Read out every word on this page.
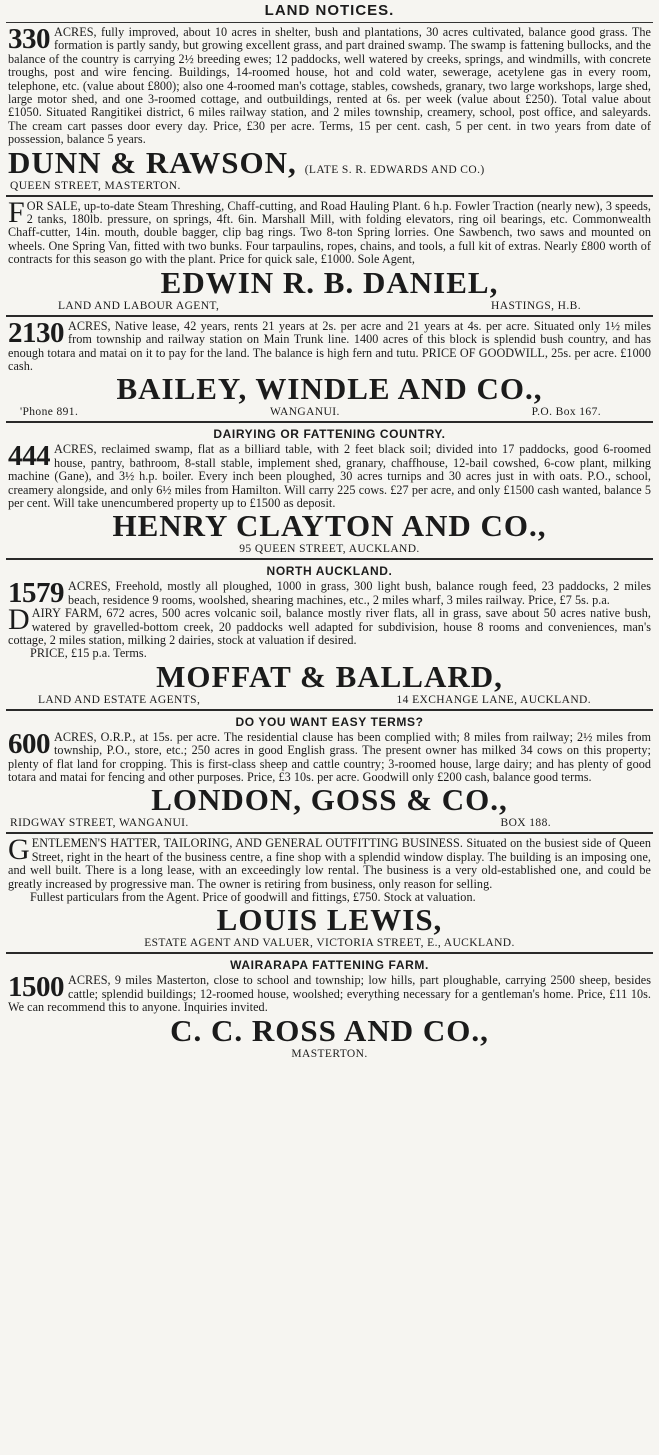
LAND NOTICES.
330 ACRES, fully improved, about 10 acres in shelter, bush and plantations, 30 acres cultivated, balance good grass. The formation is partly sandy, but growing excellent grass, and part drained swamp. The swamp is fattening bullocks, and the balance of the country is carrying 2½ breeding ewes; 12 paddocks, well watered by creeks, springs, and windmills, with concrete troughs, post and wire fencing. Buildings, 14-roomed house, hot and cold water, sewerage, acetylene gas in every room, telephone, etc. (value about £800); also one 4-roomed man's cottage, stables, cowsheds, granary, two large workshops, large shed, large motor shed, and one 3-roomed cottage, and outbuildings, rented at 6s. per week (value about £250). Total value about £1050. Situated Rangitikei district, 6 miles railway station, and 2 miles township, creamery, school, post office, and saleyards. The cream cart passes door every day. Price, £30 per acre. Terms, 15 per cent. cash, 5 per cent. in two years from date of possession, balance 5 years.
DUNN & RAWSON, (LATE S. R. EDWARDS AND CO.)
QUEEN STREET, MASTERTON.
F OR SALE, up-to-date Steam Threshing, Chaff-cutting, and Road Hauling Plant. 6 h.p. Fowler Traction (nearly new), 3 speeds, 2 tanks, 180lb. pressure, on springs, 4ft. 6in. Marshall Mill, with folding elevators, ring oil bearings, etc. Commonwealth Chaff-cutter, 14in. mouth, double bagger, clip bag rings. Two 8-ton Spring lorries. One Sawbench, two saws and mounted on wheels. One Spring Van, fitted with two bunks. Four tarpaulins, ropes, chains, and tools, a full kit of extras. Nearly £800 worth of contracts for this season go with the plant. Price for quick sale, £1000. Sole Agent,
EDWIN R. B. DANIEL,
LAND AND LABOUR AGENT,	HASTINGS, H.B.
2130 ACRES, Native lease, 42 years, rents 21 years at 2s. per acre and 21 years at 4s. per acre. Situated only 1½ miles from township and railway station on Main Trunk line. 1400 acres of this block is splendid bush country, and has enough totara and matai on it to pay for the land. The balance is high fern and tutu. PRICE OF GOODWILL, 25s. per acre. £1000 cash.
BAILEY, WINDLE AND CO.,
'Phone 891.	WANGANUI.	P.O. Box 167.
DAIRYING OR FATTENING COUNTRY.
444 ACRES, reclaimed swamp, flat as a billiard table, with 2 feet black soil; divided into 17 paddocks, good 6-roomed house, pantry, bathroom, 8-stall stable, implement shed, granary, chaffhouse, 12-bail cowshed, 6-cow plant, milking machine (Gane), and 3½ h.p. boiler. Every inch been ploughed, 30 acres turnips and 30 acres just in with oats. P.O., school, creamery alongside, and only 6½ miles from Hamilton. Will carry 225 cows. £27 per acre, and only £1500 cash wanted, balance 5 per cent. Will take unencumbered property up to £1500 as deposit.
HENRY CLAYTON AND CO.,
95 QUEEN STREET, AUCKLAND.
NORTH AUCKLAND.
1579 ACRES, Freehold, mostly all ploughed, 1000 in grass, 300 light bush, balance rough feed, 23 paddocks, 2 miles beach, residence 9 rooms, woolshed, shearing machines, etc., 2 miles wharf, 3 miles railway. Price, £7 5s. p.a.
D AIRY FARM, 672 acres, 500 acres volcanic soil, balance mostly river flats, all in grass, save about 50 acres native bush, watered by gravelled-bottom creek, 20 paddocks well adapted for subdivision, house 8 rooms and conveniences, man's cottage, 2 miles station, milking 2 dairies, stock at valuation if desired.
PRICE, £15 p.a. Terms.
MOFFAT & BALLARD,
LAND AND ESTATE AGENTS,	14 EXCHANGE LANE, AUCKLAND.
DO YOU WANT EASY TERMS?
600 ACRES, O.R.P., at 15s. per acre. The residential clause has been complied with; 8 miles from railway; 2½ miles from township, P.O., store, etc.; 250 acres in good English grass. The present owner has milked 34 cows on this property; plenty of flat land for cropping. This is first-class sheep and cattle country; 3-roomed house, large dairy; and has plenty of good totara and matai for fencing and other purposes. Price, £3 10s. per acre. Goodwill only £200 cash, balance good terms.
LONDON, GOSS & CO.,
RIDGWAY STREET, WANGANUI.	BOX 188.
G ENTLEMEN'S HATTER, TAILORING, AND GENERAL OUTFITTING BUSINESS. Situated on the busiest side of Queen Street, right in the heart of the business centre, a fine shop with a splendid window display. The building is an imposing one, and well built. There is a long lease, with an exceedingly low rental. The business is a very old-established one, and could be greatly increased by progressive man. The owner is retiring from business, only reason for selling.
Fullest particulars from the Agent. Price of goodwill and fittings, £750. Stock at valuation.
LOUIS LEWIS,
ESTATE AGENT AND VALUER, VICTORIA STREET, E., AUCKLAND.
WAIRARAPA FATTENING FARM.
1500 ACRES, 9 miles Masterton, close to school and township; low hills, part ploughable, carrying 2500 sheep, besides cattle; splendid buildings; 12-roomed house, woolshed; everything necessary for a gentleman's home. Price, £11 10s. We can recommend this to anyone. Inquiries invited.
C. C. ROSS AND CO.,
MASTERTON.
